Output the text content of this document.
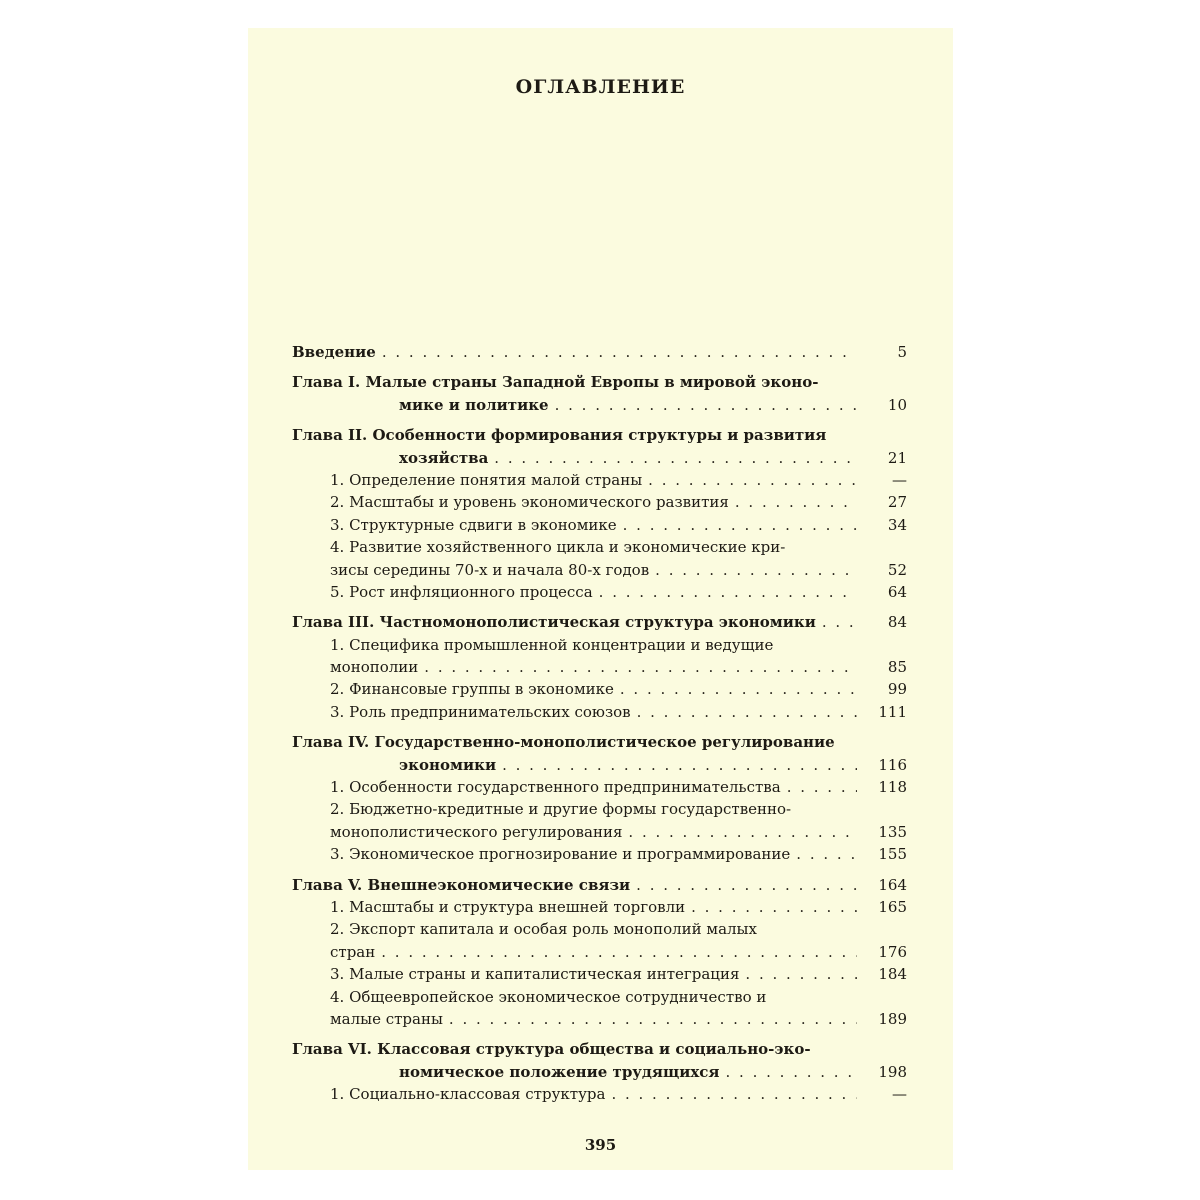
ОГЛАВЛЕНИЕ
Введение . . .	5
Глава I. Малые страны Западной Европы в мировой эконо-
мике и политике . . .	10
Глава II. Особенности формирования структуры и развития
хозяйства . . .	21
1. Определение понятия малой страны . . .	—
2. Масштабы и уровень экономического развития . . .	27
3. Структурные сдвиги в экономике . . .	34
4. Развитие хозяйственного цикла и экономические кри-
зисы середины 70-х и начала 80-х годов . . .	52
5. Рост инфляционного процесса . . .	64
Глава III. Частномонополистическая структура экономики . . .	84
1. Специфика промышленной концентрации и ведущие
монополии . . .	85
2. Финансовые группы в экономике . . .	99
3. Роль предпринимательских союзов . . .	111
Глава IV. Государственно-монополистическое регулирование
экономики . . .	116
1. Особенности государственного предпринимательства . . .	118
2. Бюджетно-кредитные и другие формы государственно-
монополистического регулирования . . .	135
3. Экономическое прогнозирование и программирование . . .	155
Глава V. Внешнеэкономические связи . . .	164
1. Масштабы и структура внешней торговли . . .	165
2. Экспорт капитала и особая роль монополий малых
стран . . .	176
3. Малые страны и капиталистическая интеграция . . .	184
4. Общеевропейское экономическое сотрудничество и
малые страны . . .	189
Глава VI. Классовая структура общества и социально-эко-
номическое положение трудящихся . . .	198
1. Социально-классовая структура . . .	—
395
